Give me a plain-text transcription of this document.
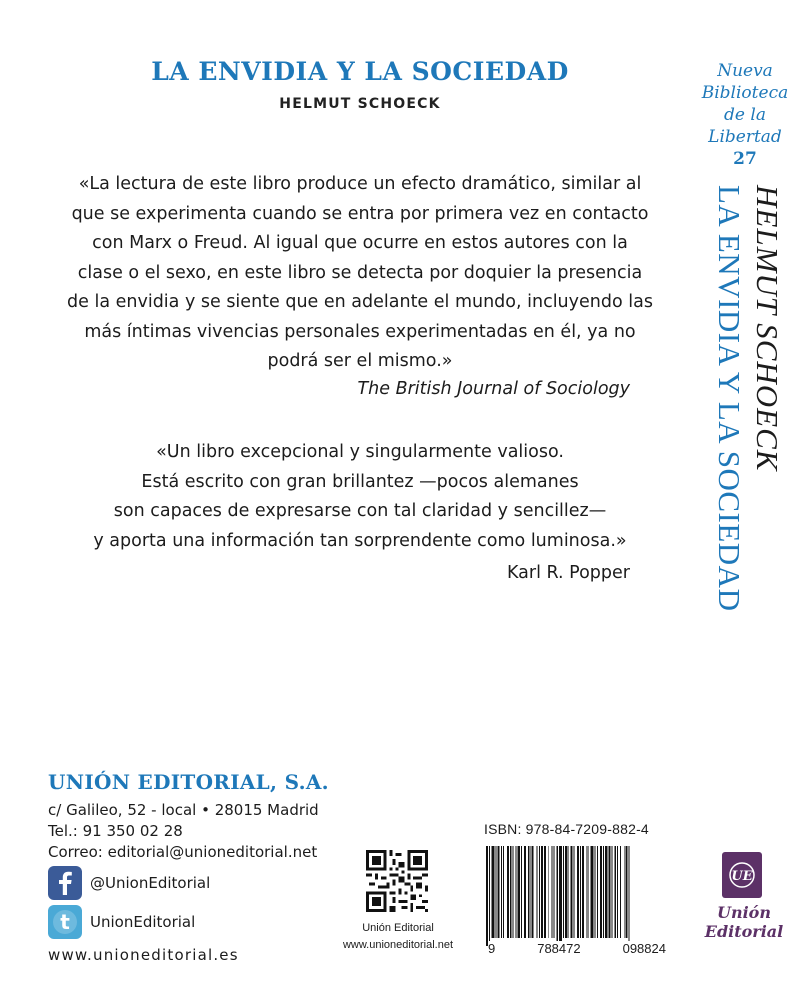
LA ENVIDIA Y LA SOCIEDAD
HELMUT SCHOECK
«La lectura de este libro produce un efecto dramático, similar al
que se experimenta cuando se entra por primera vez en contacto
con Marx o Freud. Al igual que ocurre en estos autores con la
clase o el sexo, en este libro se detecta por doquier la presencia
de la envidia y se siente que en adelante el mundo, incluyendo las
más íntimas vivencias personales experimentadas en él, ya no
podrá ser el mismo.»
The British Journal of Sociology
«Un libro excepcional y singularmente valioso.
Está escrito con gran brillantez —pocos alemanes
son capaces de expresarse con tal claridad y sencillez—
y aporta una información tan sorprendente como luminosa.»
Karl R. Popper
Nueva
Biblioteca
de la
Libertad
27
HELMUT SCHOECK
LA ENVIDIA Y LA SOCIEDAD
UNIÓN EDITORIAL, S.A.
c/ Galileo, 52 - local • 28015 Madrid
Tel.: 91 350 02 28
Correo: editorial@unioneditorial.net
@UnionEditorial
t UnionEditorial
www.unioneditorial.es
Unión Editorial
www.unioneditorial.net
ISBN: 978-84-7209-882-4
9	788472	098824
UE
Unión
Editorial
